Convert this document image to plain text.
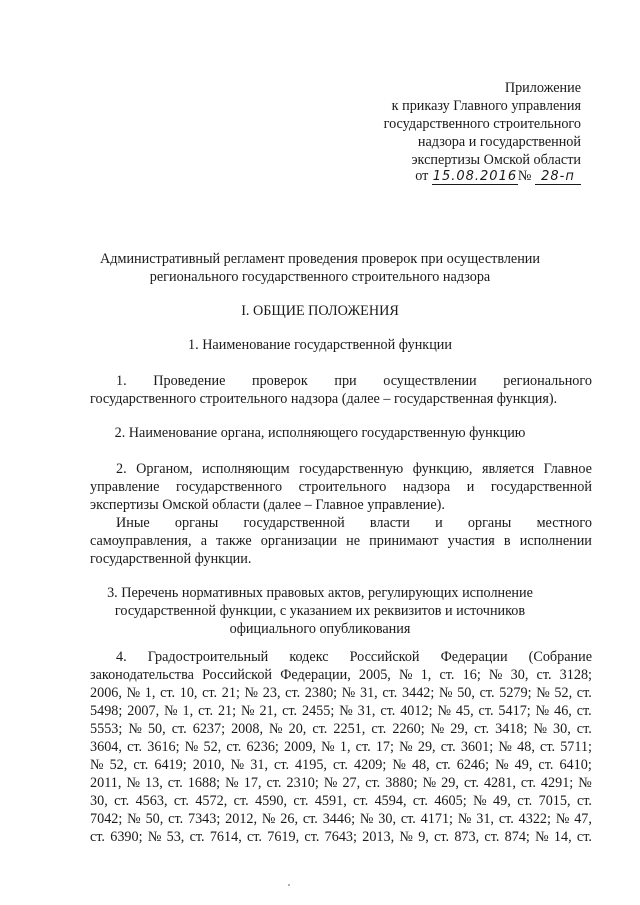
Приложение
к приказу Главного управления
государственного строительного
надзора и государственной
экспертизы Омской области
от 15.08.2016№ 28-п
Административный регламент проведения проверок при осуществлении
регионального государственного строительного надзора
I. ОБЩИЕ ПОЛОЖЕНИЯ
1. Наименование государственной функции
1. Проведение проверок при осуществлении регионального
государственного строительного надзора (далее – государственная функция).
2. Наименование органа, исполняющего государственную функцию
2. Органом, исполняющим государственную функцию, является Главное
управление государственного строительного надзора и государственной
экспертизы Омской области (далее – Главное управление).
Иные органы государственной власти и органы местного
самоуправления, а также организации не принимают участия в исполнении
государственной функции.
3. Перечень нормативных правовых актов, регулирующих исполнение
государственной функции, с указанием их реквизитов и источников
официального опубликования
4. Градостроительный кодекс Российской Федерации (Собрание
законодательства Российской Федерации, 2005, № 1, ст. 16; № 30, ст. 3128;
2006, № 1, ст. 10, ст. 21; № 23, ст. 2380; № 31, ст. 3442; № 50, ст. 5279; № 52, ст.
5498; 2007, № 1, ст. 21; № 21, ст. 2455; № 31, ст. 4012; № 45, ст. 5417; № 46, ст.
5553; № 50, ст. 6237; 2008, № 20, ст. 2251, ст. 2260; № 29, ст. 3418; № 30, ст.
3604, ст. 3616; № 52, ст. 6236; 2009, № 1, ст. 17; № 29, ст. 3601; № 48, ст. 5711;
№ 52, ст. 6419; 2010, № 31, ст. 4195, ст. 4209; № 48, ст. 6246; № 49, ст. 6410;
2011, № 13, ст. 1688; № 17, ст. 2310; № 27, ст. 3880; № 29, ст. 4281, ст. 4291; №
30, ст. 4563, ст. 4572, ст. 4590, ст. 4591, ст. 4594, ст. 4605; № 49, ст. 7015, ст.
7042; № 50, ст. 7343; 2012, № 26, ст. 3446; № 30, ст. 4171; № 31, ст. 4322; № 47,
ст. 6390; № 53, ст. 7614, ст. 7619, ст. 7643; 2013, № 9, ст. 873, ст. 874; № 14, ст.
